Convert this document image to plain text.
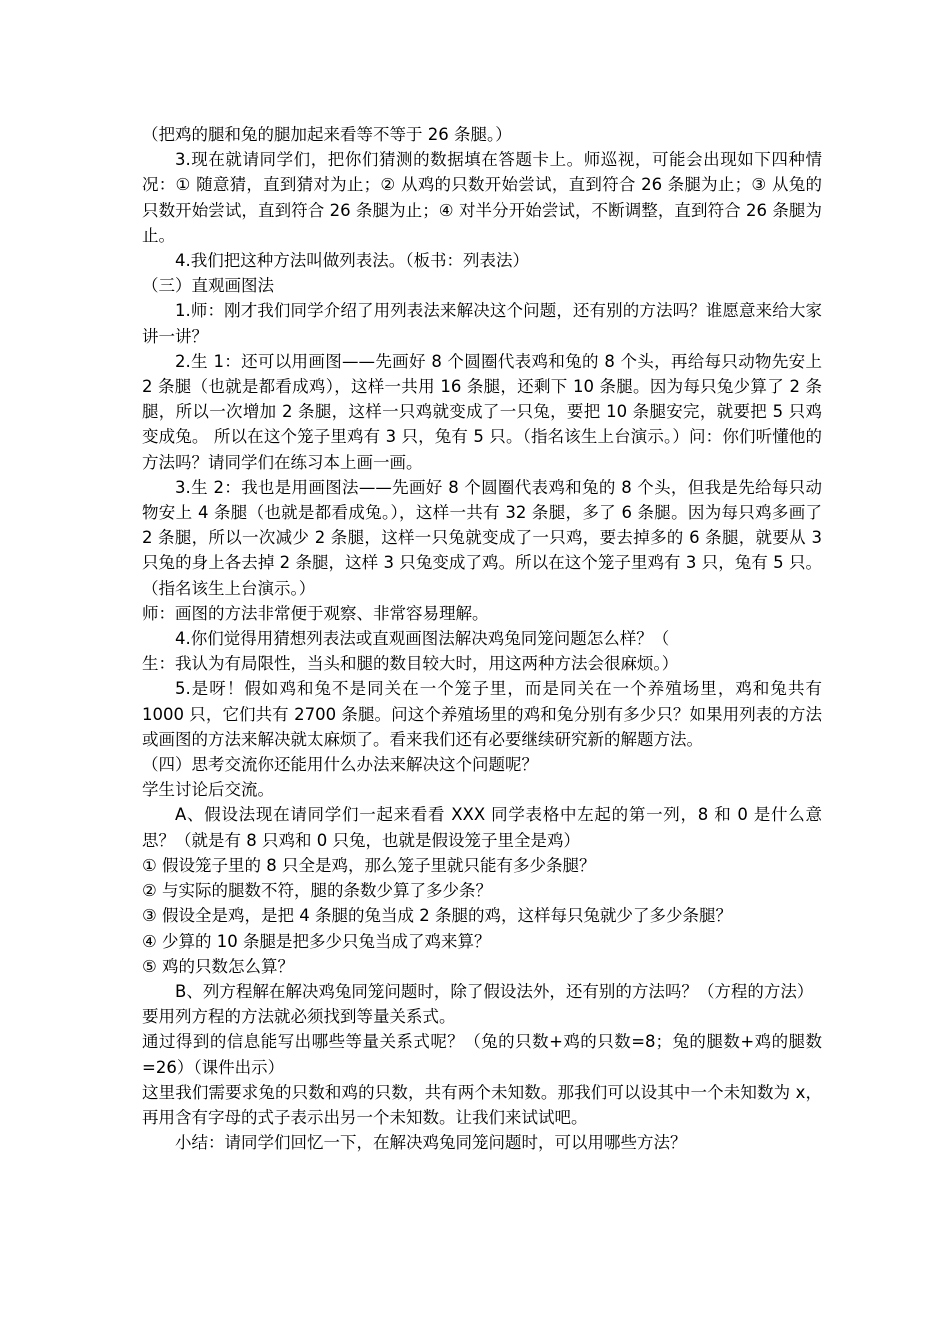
（把鸡的腿和兔的腿加起来看等不等于 26 条腿。）

3.现在就请同学们，把你们猜测的数据填在答题卡上。师巡视，可能会出现如下四种情况：① 随意猜，直到猜对为止；② 从鸡的只数开始尝试，直到符合 26 条腿为止；③ 从兔的只数开始尝试，直到符合 26 条腿为止；④ 对半分开始尝试，不断调整，直到符合 26 条腿为止。

4.我们把这种方法叫做列表法。（板书：列表法）

（三）直观画图法

1.师：刚才我们同学介绍了用列表法来解决这个问题，还有别的方法吗？谁愿意来给大家讲一讲？

2.生 1：还可以用画图——先画好 8 个圆圈代表鸡和兔的 8 个头，再给每只动物先安上 2 条腿（也就是都看成鸡），这样一共用 16 条腿，还剩下 10 条腿。因为每只兔少算了 2 条腿，所以一次增加 2 条腿，这样一只鸡就变成了一只兔，要把 10 条腿安完，就要把 5 只鸡变成兔。 所以在这个笼子里鸡有 3 只，兔有 5 只。（指名该生上台演示。）问：你们听懂他的方法吗？请同学们在练习本上画一画。

3.生 2：我也是用画图法——先画好 8 个圆圈代表鸡和兔的 8 个头，但我是先给每只动物安上 4 条腿（也就是都看成兔。），这样一共有 32 条腿，多了 6 条腿。因为每只鸡多画了 2 条腿，所以一次减少 2 条腿，这样一只兔就变成了一只鸡，要去掉多的 6 条腿，就要从 3 只兔的身上各去掉 2 条腿，这样 3 只兔变成了鸡。所以在这个笼子里鸡有 3 只，兔有 5 只。（指名该生上台演示。）

师：画图的方法非常便于观察、非常容易理解。

4.你们觉得用猜想列表法或直观画图法解决鸡兔同笼问题怎么样？（

生：我认为有局限性，当头和腿的数目较大时，用这两种方法会很麻烦。）

5.是呀！假如鸡和兔不是同关在一个笼子里，而是同关在一个养殖场里，鸡和兔共有 1000 只，它们共有 2700 条腿。问这个养殖场里的鸡和兔分别有多少只？如果用列表的方法或画图的方法来解决就太麻烦了。看来我们还有必要继续研究新的解题方法。

（四）思考交流你还能用什么办法来解决这个问题呢？

学生讨论后交流。

A、假设法现在请同学们一起来看看 XXX 同学表格中左起的第一列，8 和 0 是什么意思？（就是有 8 只鸡和 0 只兔，也就是假设笼子里全是鸡）

① 假设笼子里的 8 只全是鸡，那么笼子里就只能有多少条腿？

② 与实际的腿数不符，腿的条数少算了多少条？

③ 假设全是鸡，是把 4 条腿的兔当成 2 条腿的鸡，这样每只兔就少了多少条腿？

④ 少算的 10 条腿是把多少只兔当成了鸡来算？

⑤ 鸡的只数怎么算？

B、列方程解在解决鸡兔同笼问题时，除了假设法外，还有别的方法吗？（方程的方法）

要用列方程的方法就必须找到等量关系式。

通过得到的信息能写出哪些等量关系式呢？（兔的只数+鸡的只数=8；兔的腿数+鸡的腿数=26）（课件出示）

这里我们需要求兔的只数和鸡的只数，共有两个未知数。那我们可以设其中一个未知数为 x，再用含有字母的式子表示出另一个未知数。让我们来试试吧。

小结：请同学们回忆一下，在解决鸡兔同笼问题时，可以用哪些方法？
